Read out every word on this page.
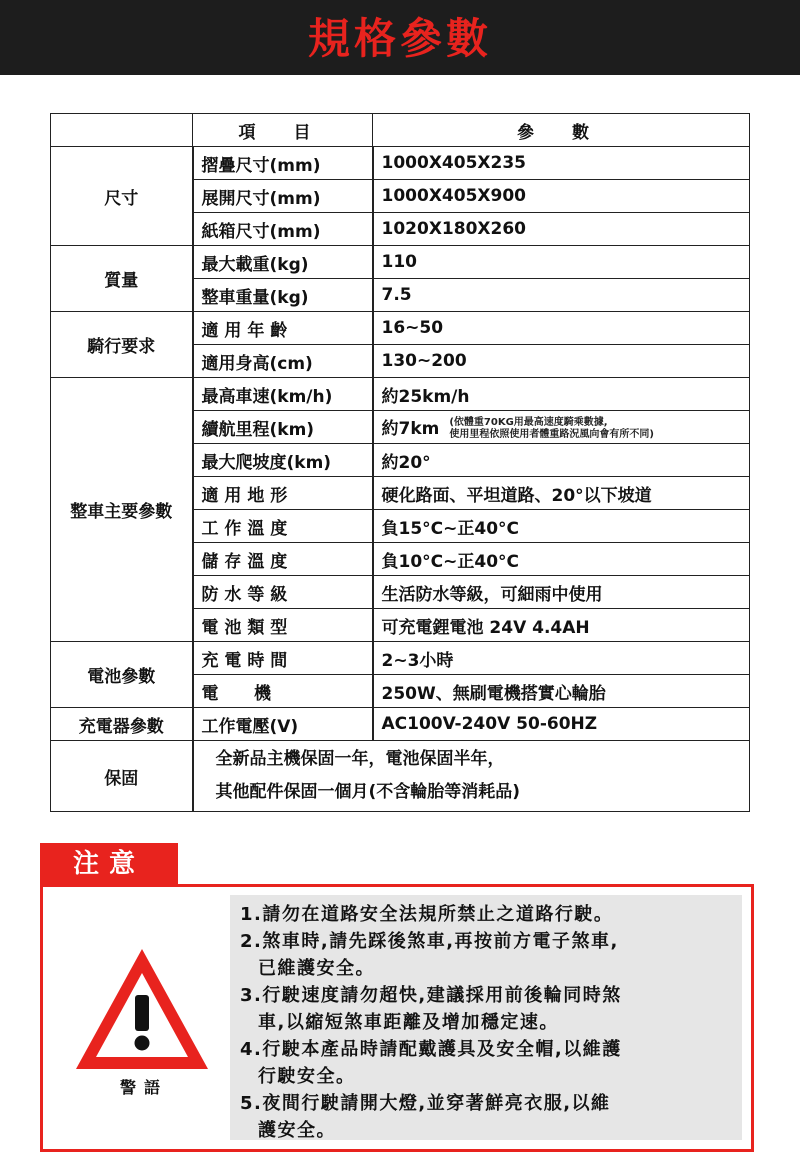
規格參數
	項 目	參 數
尺寸	摺疊尺寸(mm)	1000X405X235
	展開尺寸(mm)	1000X405X900
	紙箱尺寸(mm)	1020X180X260
質量	最大載重(kg)	110
	整車重量(kg)	7.5
騎行要求	適 用 年 齡	16~50
	適用身高(cm)	130~200
整車主要參數	最高車速(km/h)	約25km/h
	續航里程(km)	約7km (依體重70KG用最高速度騎乘數據,
使用里程依照使用者體重路況風向會有所不同)
	最大爬坡度(km)	約20°
	適 用 地 形	硬化路面、平坦道路、20°以下坡道
	工 作 溫 度	負15°C~正40°C
	儲 存 溫 度	負10°C~正40°C
	防 水 等 級	生活防水等級，可細雨中使用
	電 池 類 型	可充電鋰電池 24V 4.4AH
電池參數	充 電 時 間	2~3小時
	電      機	250W、無刷電機搭實心輪胎
充電器參數	工作電壓(V)	AC100V-240V 50-60HZ
保固	全新品主機保固一年，電池保固半年，
其他配件保固一個月(不含輪胎等消耗品)	
注意
警語
1.請勿在道路安全法規所禁止之道路行駛。
2.煞車時,請先踩後煞車,再按前方電子煞車,
已維護安全。
3.行駛速度請勿超快,建議採用前後輪同時煞
車,以縮短煞車距離及增加穩定速。
4.行駛本產品時請配戴護具及安全帽,以維護
行駛安全。
5.夜間行駛請開大燈,並穿著鮮亮衣服,以維
護安全。
